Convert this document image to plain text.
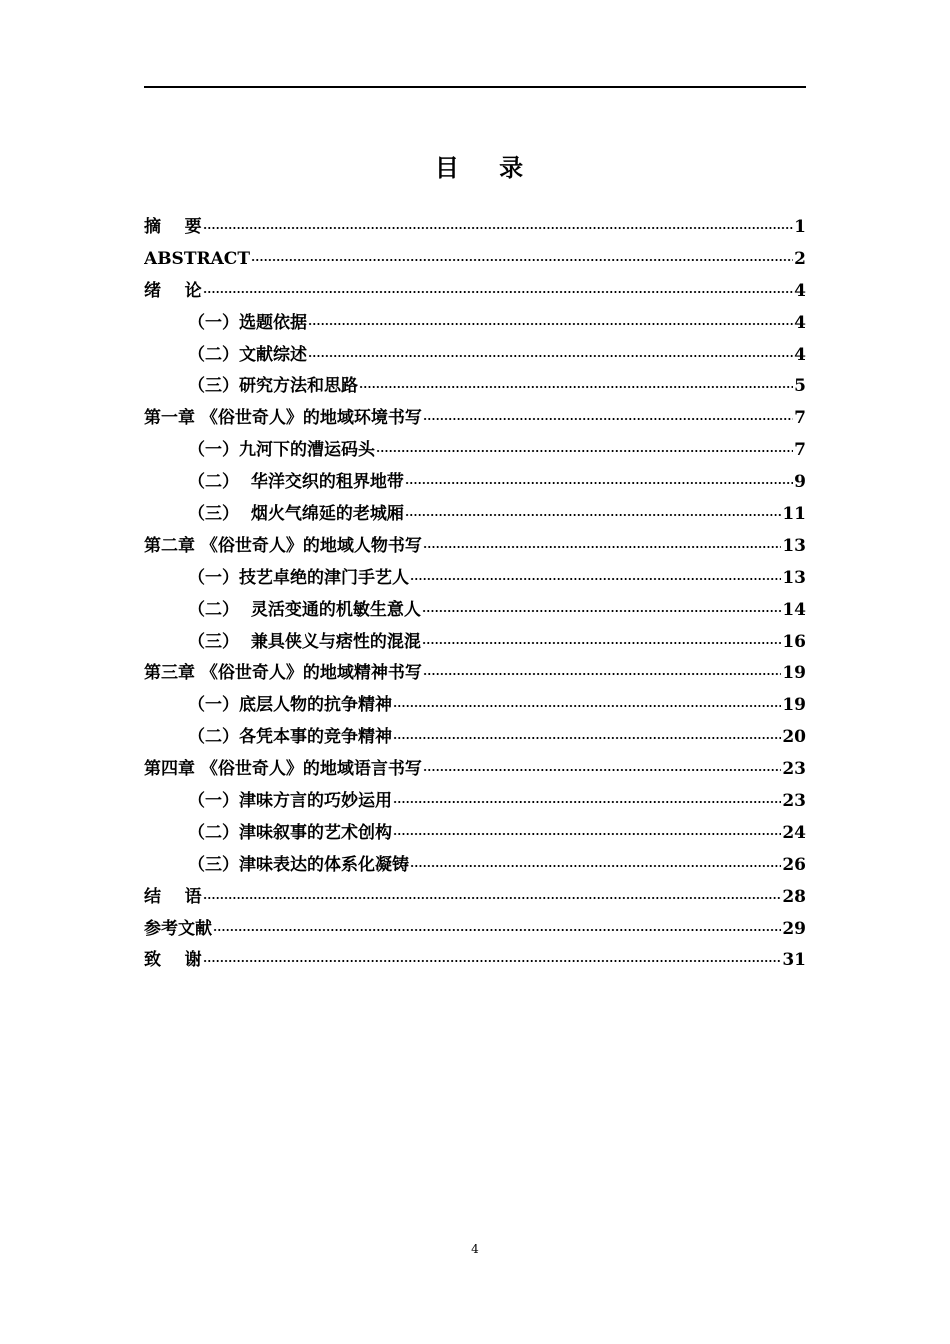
目 录
摘    要	1
ABSTRACT	2
绪    论	4
（一）选题依据	4
（二）文献综述	4
（三）研究方法和思路	5
第一章 《俗世奇人》的地域环境书写	7
（一）九河下的漕运码头	7
（二）  华洋交织的租界地带	9
（三）  烟火气绵延的老城厢	11
第二章 《俗世奇人》的地域人物书写	13
（一）技艺卓绝的津门手艺人	13
（二）  灵活变通的机敏生意人	14
（三）  兼具侠义与痞性的混混	16
第三章 《俗世奇人》的地域精神书写	19
（一）底层人物的抗争精神	19
（二）各凭本事的竞争精神	20
第四章 《俗世奇人》的地域语言书写	23
（一）津味方言的巧妙运用	23
（二）津味叙事的艺术创构	24
（三）津味表达的体系化凝铸	26
结    语	28
参考文献	29
致    谢	31
4
